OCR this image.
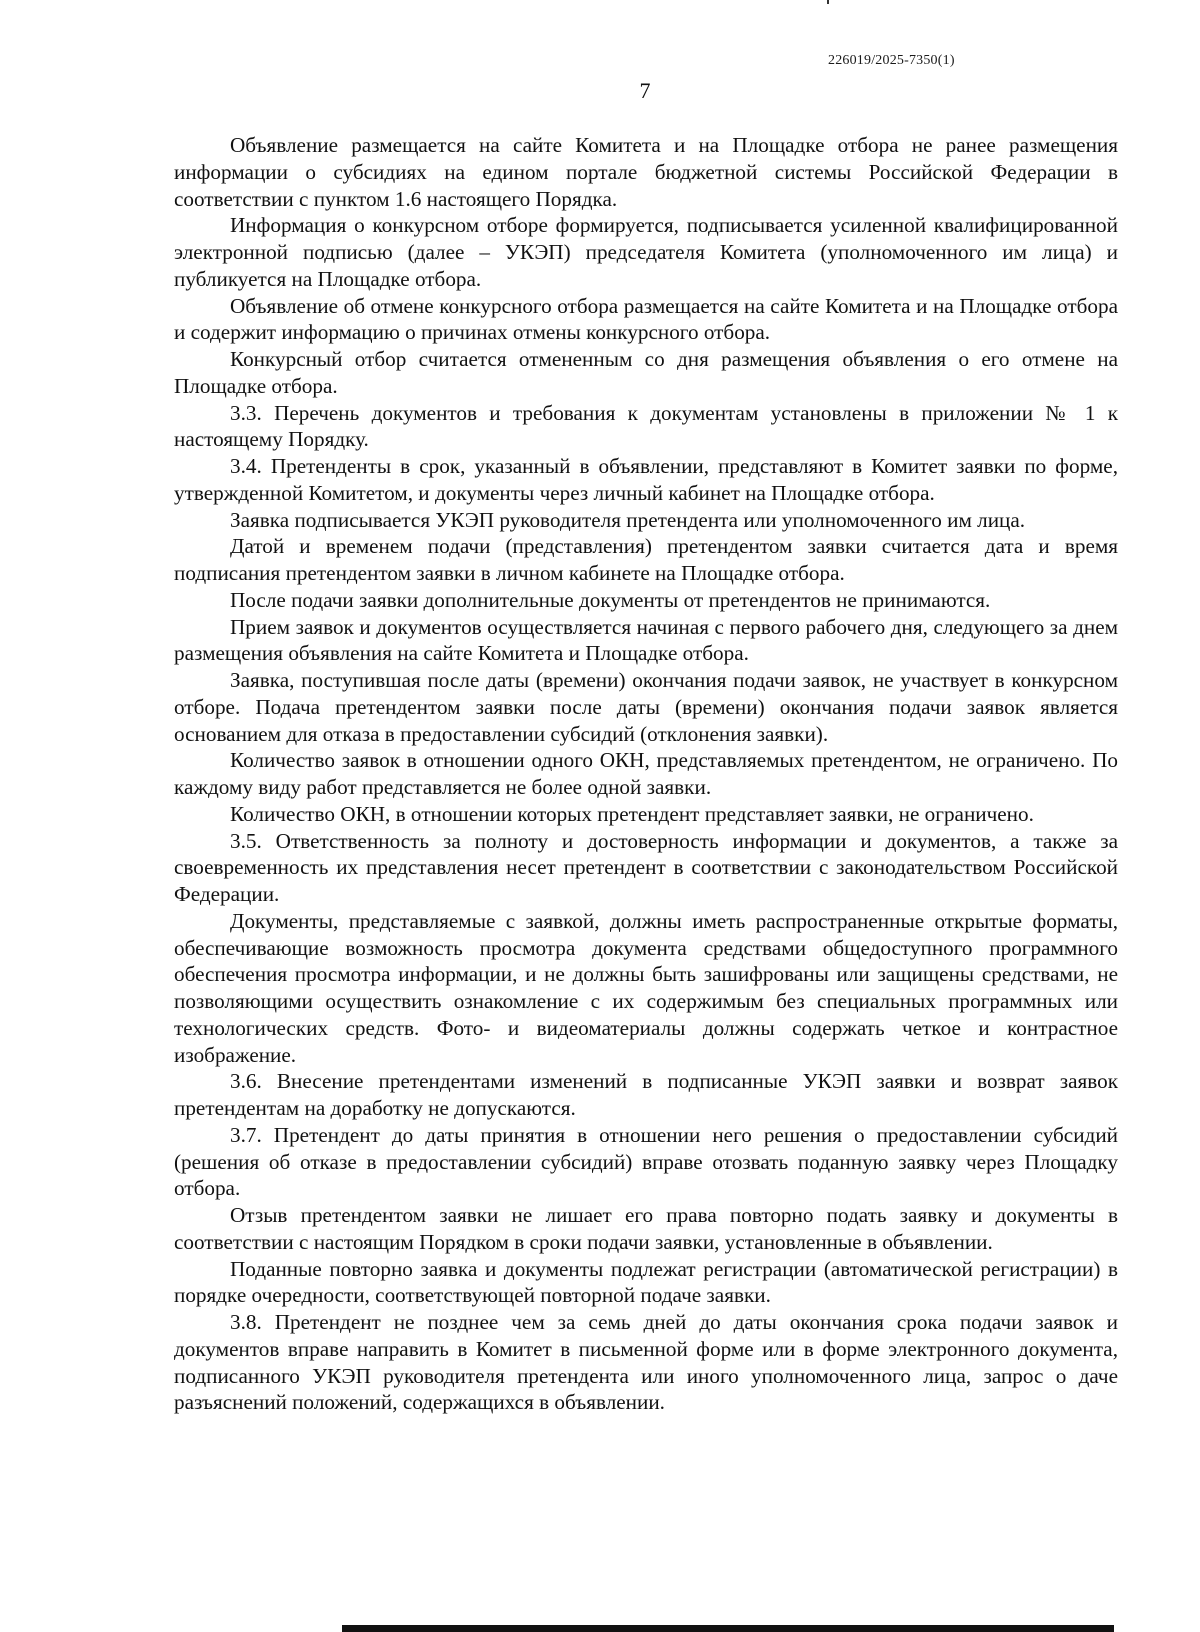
226019/2025-7350(1)
7

Объявление размещается на сайте Комитета и на Площадке отбора не ранее размещения информации о субсидиях на едином портале бюджетной системы Российской Федерации в соответствии с пунктом 1.6 настоящего Порядка.

Информация о конкурсном отборе формируется, подписывается усиленной квалифицированной электронной подписью (далее – УКЭП) председателя Комитета (уполномоченного им лица) и публикуется на Площадке отбора.

Объявление об отмене конкурсного отбора размещается на сайте Комитета и на Площадке отбора и содержит информацию о причинах отмены конкурсного отбора.

Конкурсный отбор считается отмененным со дня размещения объявления о его отмене на Площадке отбора.

3.3. Перечень документов и требования к документам установлены в приложении № 1 к настоящему Порядку.

3.4. Претенденты в срок, указанный в объявлении, представляют в Комитет заявки по форме, утвержденной Комитетом, и документы через личный кабинет на Площадке отбора.

Заявка подписывается УКЭП руководителя претендента или уполномоченного им лица.

Датой и временем подачи (представления) претендентом заявки считается дата и время подписания претендентом заявки в личном кабинете на Площадке отбора.

После подачи заявки дополнительные документы от претендентов не принимаются.

Прием заявок и документов осуществляется начиная с первого рабочего дня, следующего за днем размещения объявления на сайте Комитета и Площадке отбора.

Заявка, поступившая после даты (времени) окончания подачи заявок, не участвует в конкурсном отборе. Подача претендентом заявки после даты (времени) окончания подачи заявок является основанием для отказа в предоставлении субсидий (отклонения заявки).

Количество заявок в отношении одного ОКН, представляемых претендентом, не ограничено. По каждому виду работ представляется не более одной заявки.

Количество ОКН, в отношении которых претендент представляет заявки, не ограничено.

3.5. Ответственность за полноту и достоверность информации и документов, а также за своевременность их представления несет претендент в соответствии с законодательством Российской Федерации.

Документы, представляемые с заявкой, должны иметь распространенные открытые форматы, обеспечивающие возможность просмотра документа средствами общедоступного программного обеспечения просмотра информации, и не должны быть зашифрованы или защищены средствами, не позволяющими осуществить ознакомление с их содержимым без специальных программных или технологических средств. Фото- и видеоматериалы должны содержать четкое и контрастное изображение.

3.6. Внесение претендентами изменений в подписанные УКЭП заявки и возврат заявок претендентам на доработку не допускаются.

3.7. Претендент до даты принятия в отношении него решения о предоставлении субсидий (решения об отказе в предоставлении субсидий) вправе отозвать поданную заявку через Площадку отбора.

Отзыв претендентом заявки не лишает его права повторно подать заявку и документы в соответствии с настоящим Порядком в сроки подачи заявки, установленные в объявлении.

Поданные повторно заявка и документы подлежат регистрации (автоматической регистрации) в порядке очередности, соответствующей повторной подаче заявки.

3.8. Претендент не позднее чем за семь дней до даты окончания срока подачи заявок и документов вправе направить в Комитет в письменной форме или в форме электронного документа, подписанного УКЭП руководителя претендента или иного уполномоченного лица, запрос о даче разъяснений положений, содержащихся в объявлении.
